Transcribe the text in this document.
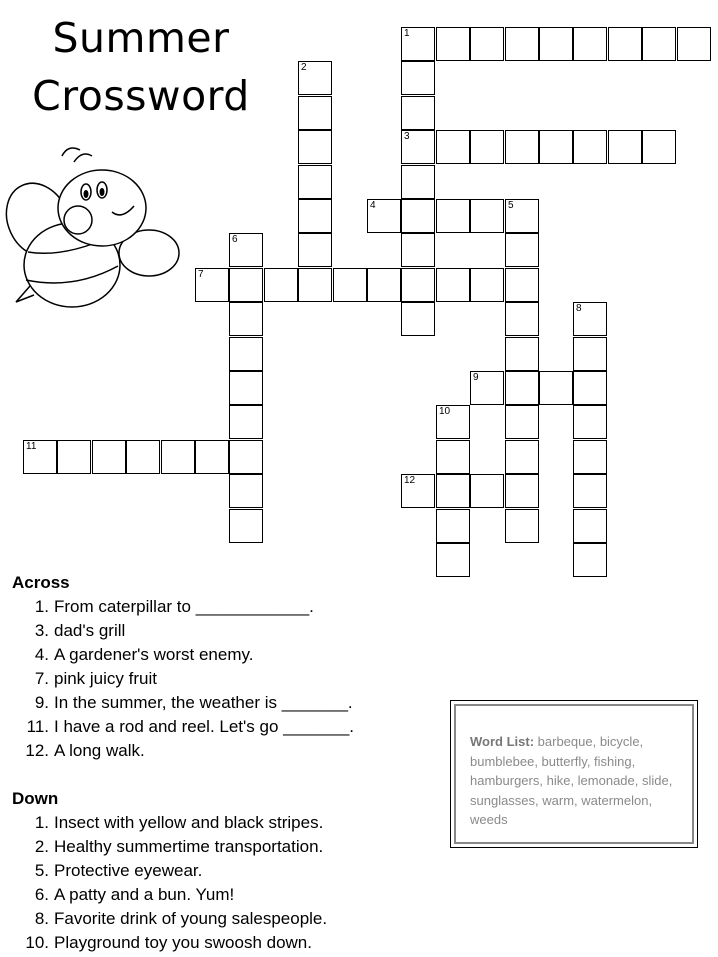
Summer
Crossword
1
3
2
4	5
6
7
8
9
10
11
12
Across
1. From caterpillar to ____________.
3. dad's grill
4. A gardener's worst enemy.
7. pink juicy fruit
9. In the summer, the weather is _______.
11. I have a rod and reel. Let's go _______.
12. A long walk.
Down
1. Insect with yellow and black stripes.
2. Healthy summertime transportation.
5. Protective eyewear.
6. A patty and a bun. Yum!
8. Favorite drink of young salespeople.
10. Playground toy you swoosh down.
Word List: barbeque, bicycle, bumblebee, butterfly, fishing, hamburgers, hike, lemonade, slide, sunglasses, warm, watermelon, weeds
